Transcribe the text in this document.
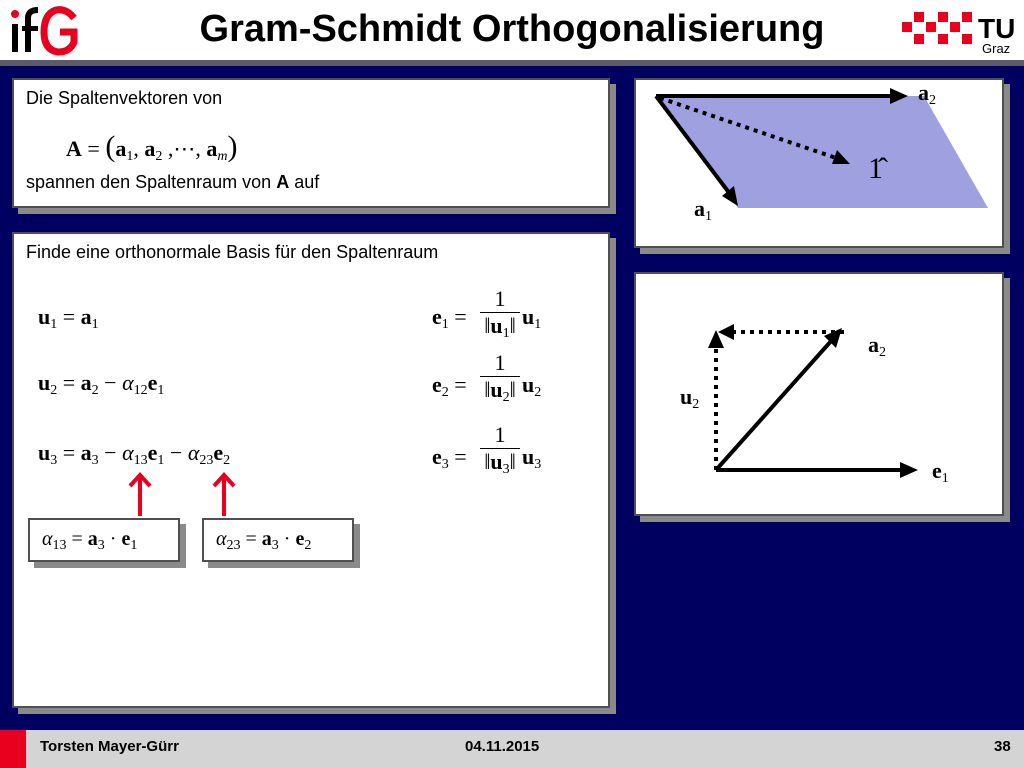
Gram-Schmidt Orthogonalisierung	TU
Graz
Die Spaltenvektoren von
A = (a1, a2 ,⋯, am)
spannen den Spaltenraum von A auf
Finde eine orthonormale Basis für den Spaltenraum
u1 = a1
u2 = a2 − α12e1
u3 = a3 − α13e1 − α23e2
$e1 = \frac{1}{‖u1‖} u1$
$e2 = \frac{1}{‖u2‖} u2$
$e3 = \frac{1}{‖u3‖} u3$
$\alpha_{13} = a_3 \cdot e_1$	$\alpha_{23} = a_3 \cdot e_2$
a2
a1
1̂
a2
u2
e1
Torsten Mayer-Gürr	04.11.2015	38
